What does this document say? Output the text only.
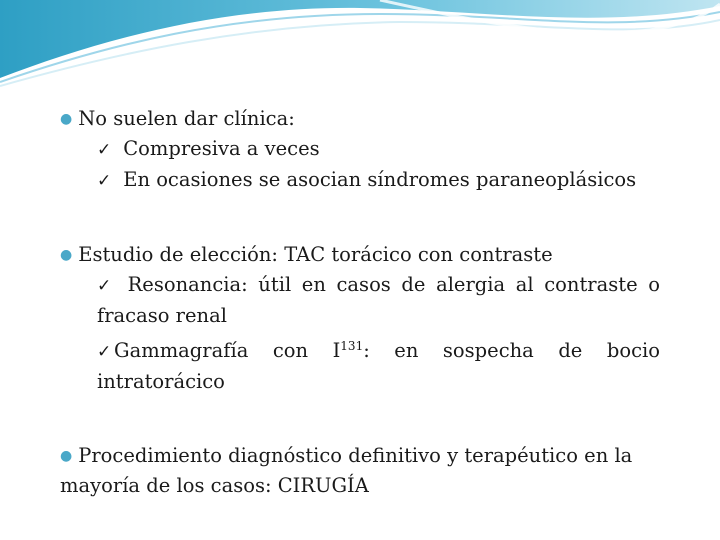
● No suelen dar clínica:
✓ Compresiva a veces
✓ En ocasiones se asocian síndromes paraneoplásicos
● Estudio de elección: TAC torácico con contraste
✓ Resonancia: útil en casos de alergia al contraste o fracaso renal
✓ Gammagrafía con $I^{131}$: en sospecha de bocio intratorácico
● Procedimiento diagnóstico definitivo y terapéutico en la mayoría de los casos: CIRUGÍA
